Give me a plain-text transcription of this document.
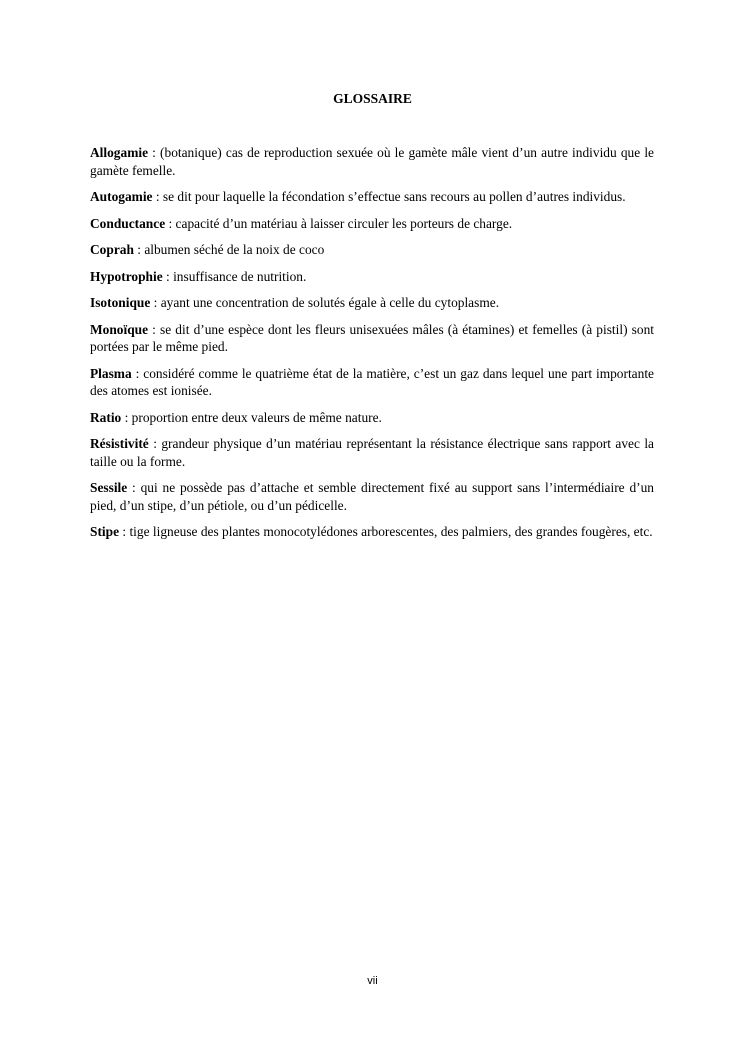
GLOSSAIRE

Allogamie : (botanique) cas de reproduction sexuée où le gamète mâle vient d’un autre individu que le gamète femelle.

Autogamie : se dit pour laquelle la fécondation s’effectue sans recours au pollen d’autres individus.

Conductance : capacité d’un matériau à laisser circuler les porteurs de charge.

Coprah : albumen séché de la noix de coco

Hypotrophie : insuffisance de nutrition.

Isotonique : ayant une concentration de solutés égale à celle du cytoplasme.

Monoïque : se dit d’une espèce dont les fleurs unisexuées mâles (à étamines) et femelles (à pistil) sont portées par le même pied.

Plasma : considéré comme le quatrième état de la matière, c’est un gaz dans lequel une part importante des atomes est ionisée.

Ratio : proportion entre deux valeurs de même nature.

Résistivité : grandeur physique d’un matériau représentant la résistance électrique sans rapport avec la taille ou la forme.

Sessile : qui ne possède pas d’attache et semble directement fixé au support sans l’intermédiaire d’un pied, d’un stipe, d’un pétiole, ou d’un pédicelle.

Stipe : tige ligneuse des plantes monocotylédones arborescentes, des palmiers, des grandes fougères, etc.

vii
